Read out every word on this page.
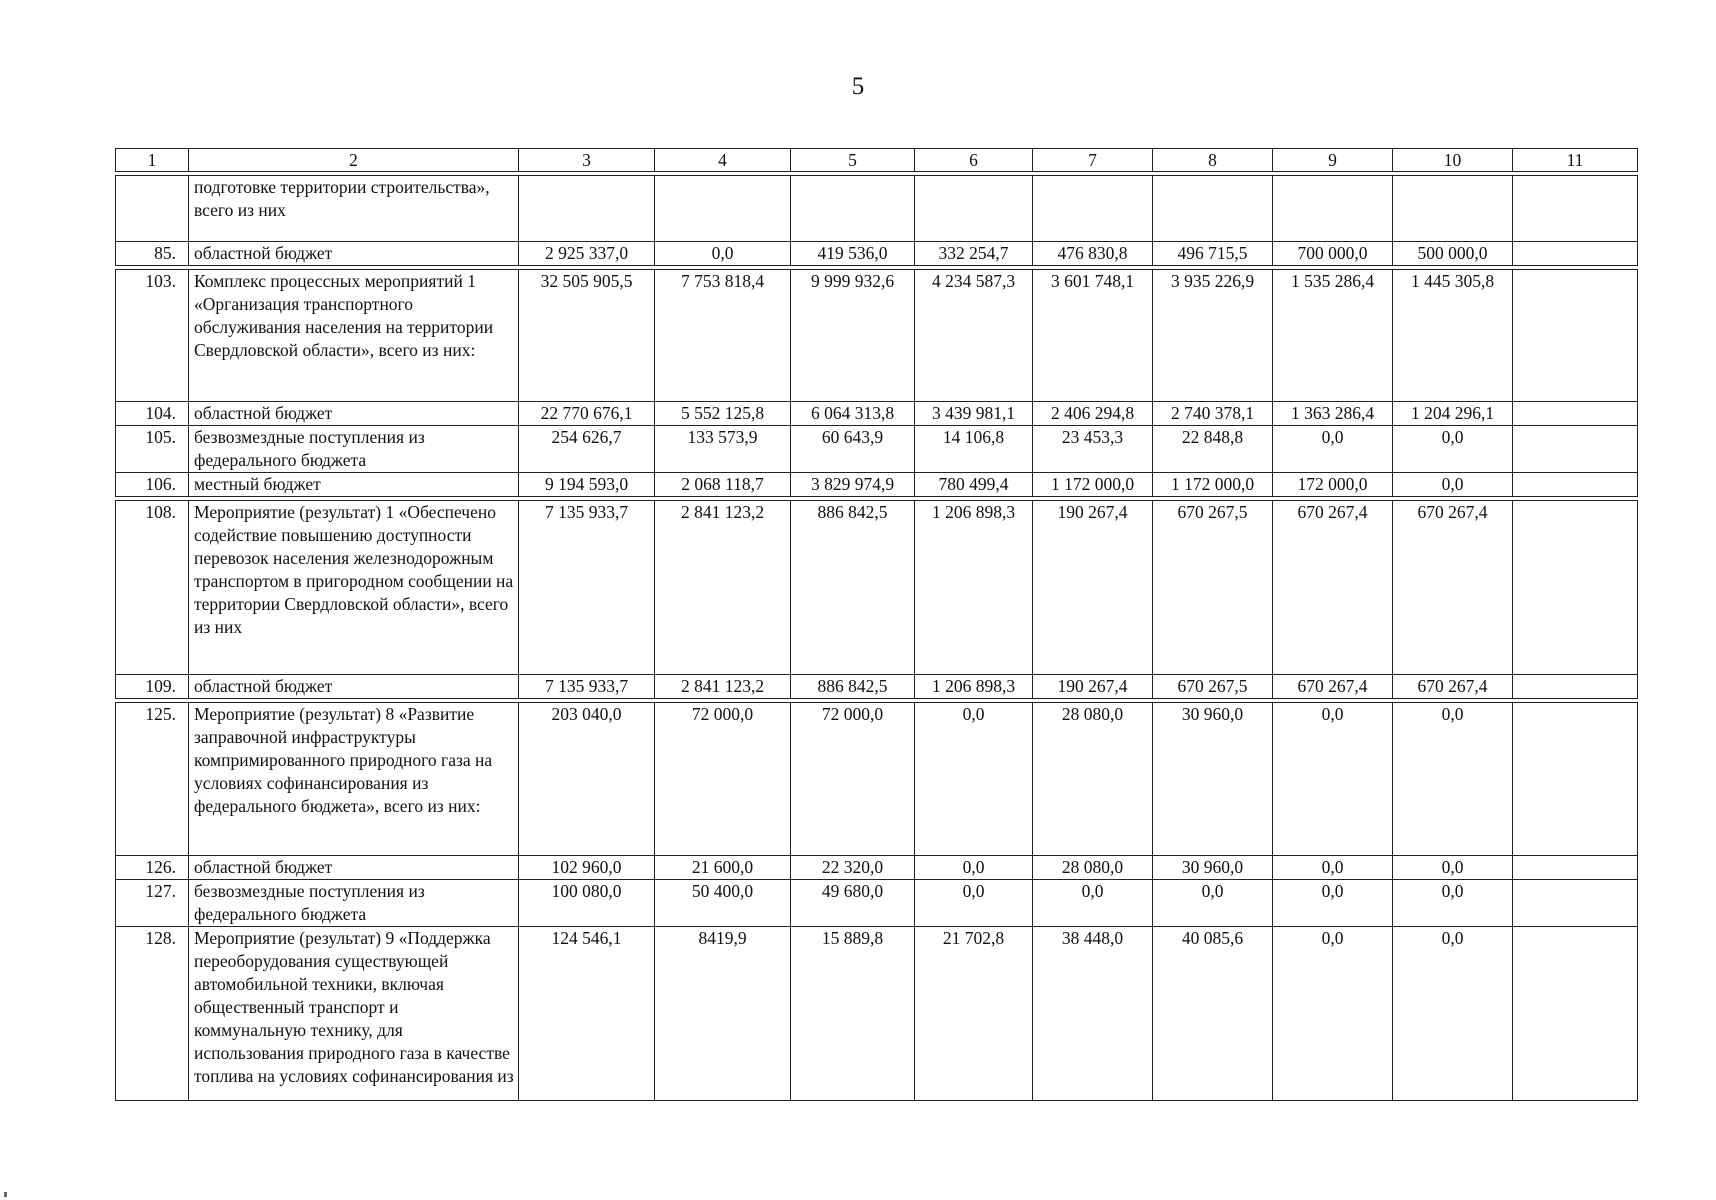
5
1	2	3	4	5	6	7	8	9	10	11
	подготовке территории строительства», всего из них									
85.	областной бюджет	2 925 337,0	0,0	419 536,0	332 254,7	476 830,8	496 715,5	700 000,0	500 000,0	
103.	Комплекс процессных мероприятий 1 «Организация транспортного обслуживания населения на территории Свердловской области», всего из них:	32 505 905,5	7 753 818,4	9 999 932,6	4 234 587,3	3 601 748,1	3 935 226,9	1 535 286,4	1 445 305,8	
104.	областной бюджет	22 770 676,1	5 552 125,8	6 064 313,8	3 439 981,1	2 406 294,8	2 740 378,1	1 363 286,4	1 204 296,1	
105.	безвозмездные поступления из федерального бюджета	254 626,7	133 573,9	60 643,9	14 106,8	23 453,3	22 848,8	0,0	0,0	
106.	местный бюджет	9 194 593,0	2 068 118,7	3 829 974,9	780 499,4	1 172 000,0	1 172 000,0	172 000,0	0,0	
108.	Мероприятие (результат) 1 «Обеспечено содействие повышению доступности перевозок населения железнодорожным транспортом в пригородном сообщении на территории Свердловской области», всего из них	7 135 933,7	2 841 123,2	886 842,5	1 206 898,3	190 267,4	670 267,5	670 267,4	670 267,4	
109.	областной бюджет	7 135 933,7	2 841 123,2	886 842,5	1 206 898,3	190 267,4	670 267,5	670 267,4	670 267,4	
125.	Мероприятие (результат) 8 «Развитие заправочной инфраструктуры компримированного природного газа на условиях софинансирования из федерального бюджета», всего из них:	203 040,0	72 000,0	72 000,0	0,0	28 080,0	30 960,0	0,0	0,0	
126.	областной бюджет	102 960,0	21 600,0	22 320,0	0,0	28 080,0	30 960,0	0,0	0,0	
127.	безвозмездные поступления из федерального бюджета	100 080,0	50 400,0	49 680,0	0,0	0,0	0,0	0,0	0,0	
128.	Мероприятие (результат) 9 «Поддержка переоборудования существующей автомобильной техники, включая общественный транспорт и коммунальную технику, для использования природного газа в качестве топлива на условиях софинансирования из	124 546,1	8419,9	15 889,8	21 702,8	38 448,0	40 085,6	0,0	0,0	
